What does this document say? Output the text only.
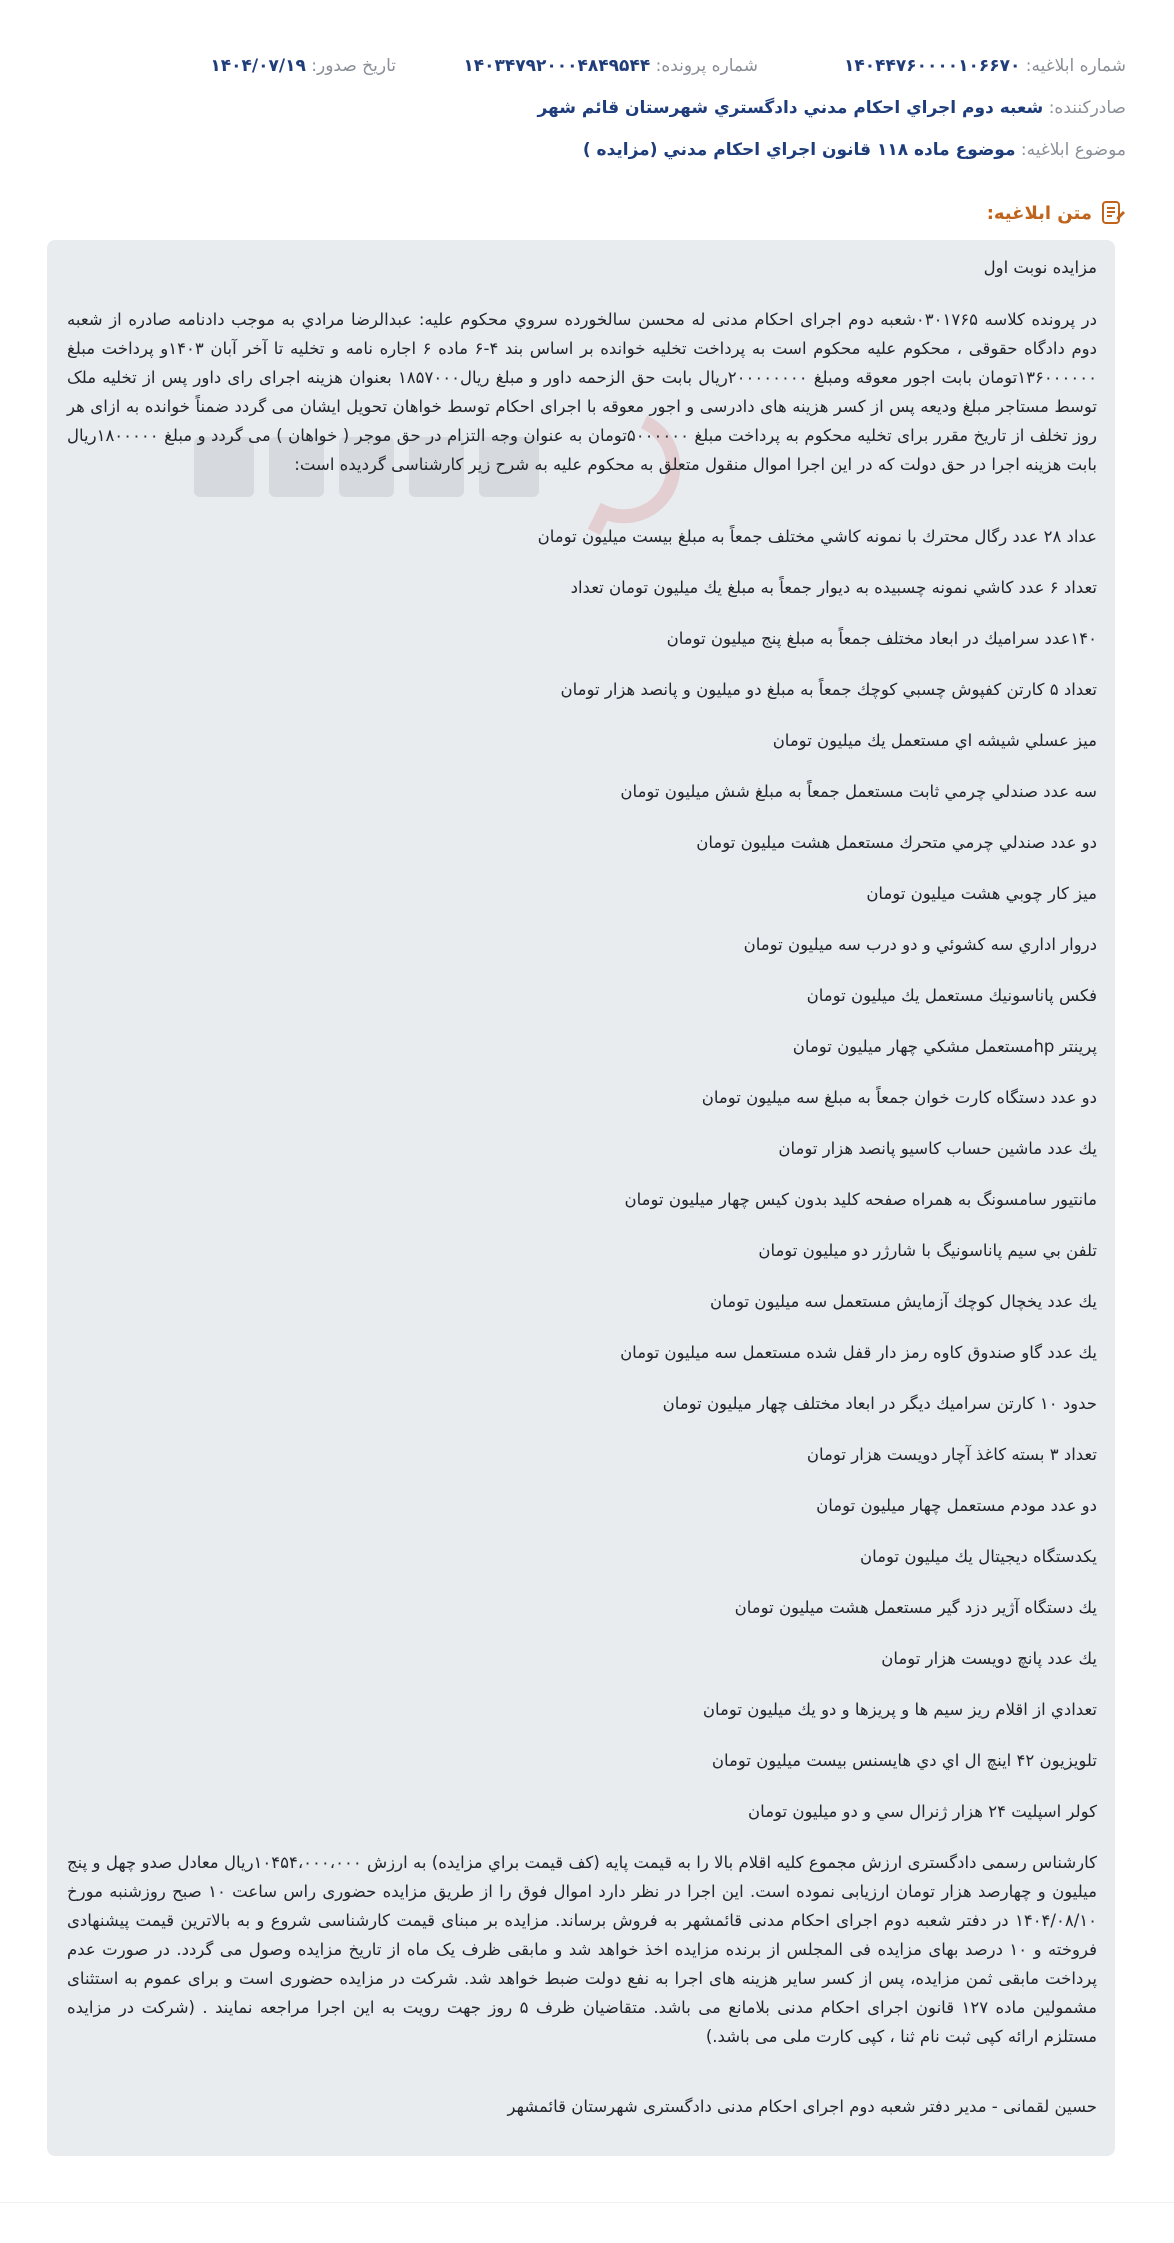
شماره ابلاغیه: ۱۴۰۴۴۷۶۰۰۰۰۱۰۶۶۷۰
شماره پرونده: ۱۴۰۳۴۷۹۲۰۰۰۴۸۴۹۵۴۴
تاریخ صدور: ۱۴۰۴/۰۷/۱۹
صادرکننده: شعبه دوم اجراي احكام مدني دادگستري شهرستان قائم شهر
موضوع ابلاغیه: موضوع ماده ۱۱۸ قانون اجراي احكام مدني (مزايده )
متن ابلاغیه:
مزایده نوبت اول
در پرونده کلاسه ۰۳۰۱۷۶۵شعبه دوم اجرای احکام مدنی له محسن سالخورده سروي محكوم عليه: عبدالرضا مرادي به موجب دادنامه صادره از شعبه دوم دادگاه حقوقی ، محکوم علیه محکوم است به پرداخت تخلیه خوانده بر اساس بند ۴-۶ ماده ۶ اجاره نامه و تخلیه تا آخر آبان ۱۴۰۳و پرداخت مبلغ ۱۳۶۰۰۰۰۰۰تومان بابت اجور معوقه ومبلغ ۲۰۰۰۰۰۰۰۰ريال بابت حق الزحمه داور و مبلغ ريال۱۸۵۷۰۰۰ بعنوان هزینه اجرای رای داور پس از تخلیه ملک توسط مستاجر مبلغ ودیعه پس از کسر هزینه های دادرسی و اجور معوقه با اجرای احکام توسط خواهان تحویل ایشان می گردد ضمناً خوانده به ازای هر روز تخلف از تاریخ مقرر برای تخلیه محکوم به پرداخت مبلغ ۵۰۰۰۰۰۰تومان به عنوان وجه التزام در حق موجر ( خواهان ) می گردد و مبلغ ۱۸۰۰۰۰۰ريال بابت هزینه اجرا در حق دولت که در این اجرا اموال منقول متعلق به محکوم علیه به شرح زیر کارشناسی گردیده است:
عداد ۲۸ عدد رگال محترك با نمونه كاشي مختلف جمعاً به مبلغ بيست ميليون تومان
تعداد ۶ عدد كاشي نمونه چسبيده به ديوار جمعاً به مبلغ يك ميليون تومان تعداد
۱۴۰عدد سراميك در ابعاد مختلف جمعاً به مبلغ پنج ميليون تومان
تعداد ۵ كارتن كفپوش چسبي كوچك جمعاً به مبلغ دو ميليون و پانصد هزار تومان
ميز عسلي شيشه اي مستعمل يك ميليون تومان
سه عدد صندلي چرمي ثابت مستعمل جمعاً به مبلغ شش ميليون تومان
دو عدد صندلي چرمي متحرك مستعمل هشت ميليون تومان
ميز كار چوبي هشت ميليون تومان
دروار اداري سه كشوئي و دو درب سه ميليون تومان
فكس پاناسونيك مستعمل يك ميليون تومان
پرينتر hpمستعمل مشكي چهار ميليون تومان
دو عدد دستگاه كارت خوان جمعاً به مبلغ سه ميليون تومان
يك عدد ماشين حساب كاسيو پانصد هزار تومان
مانتيور سامسونگ به همراه صفحه كليد بدون كيس چهار ميليون تومان
تلفن بي سيم پاناسونيگ با شارژر دو ميليون تومان
يك عدد يخچال كوچك آزمايش مستعمل سه ميليون تومان
يك عدد گاو صندوق كاوه رمز دار قفل شده مستعمل سه ميليون تومان
حدود ۱۰ كارتن سراميك ديگر در ابعاد مختلف چهار ميليون تومان
تعداد ۳ بسته كاغذ آچار دويست هزار تومان
دو عدد مودم مستعمل چهار ميليون تومان
يكدستگاه ديجيتال يك ميليون تومان
يك دستگاه آژير دزد گير مستعمل هشت ميليون تومان
يك عدد پانچ دويست هزار تومان
تعدادي از اقلام ريز سيم ها و پريزها و دو يك ميليون تومان
تلويزيون ۴۲ اينچ ال اي دي هايسنس بيست ميليون تومان
كولر اسپليت ۲۴ هزار ژنرال سي و دو ميليون تومان
کارشناس رسمی دادگستری ارزش مجموع کلیه اقلام بالا را به قیمت پایه (کف قیمت براي مزايده) به ارزش ۱۰۴۵۴،۰۰۰،۰۰۰ريال معادل صدو چهل و پنج میلیون و چهارصد هزار تومان ارزیابی نموده است. این اجرا در نظر دارد اموال فوق را از طریق مزایده حضوری راس ساعت ۱۰ صبح روزشنبه مورخ ۱۴۰۴/۰۸/۱۰ در دفتر شعبه دوم اجرای احکام مدنی قائمشهر به فروش برساند. مزایده بر مبنای قیمت کارشناسی شروع و به بالاترین قیمت پیشنهادی فروخته و ۱۰ درصد بهای مزایده فی المجلس از برنده مزایده اخذ خواهد شد و مابقی ظرف یک ماه از تاریخ مزایده وصول می گردد. در صورت عدم پرداخت مابقی ثمن مزایده، پس از کسر سایر هزینه های اجرا به نفع دولت ضبط خواهد شد. شرکت در مزایده حضوری است و برای عموم به استثنای مشمولین ماده ۱۲۷ قانون اجرای احکام مدنی بلامانع می باشد. متقاضیان ظرف ۵ روز جهت رویت به این اجرا مراجعه نمایند . (شرکت در مزایده مستلزم ارائه کپی ثبت نام ثنا ، کپی کارت ملی می باشد.)
حسین لقمانی - مدیر دفتر شعبه دوم اجرای احکام مدنی دادگستری شهرستان قائمشهر
